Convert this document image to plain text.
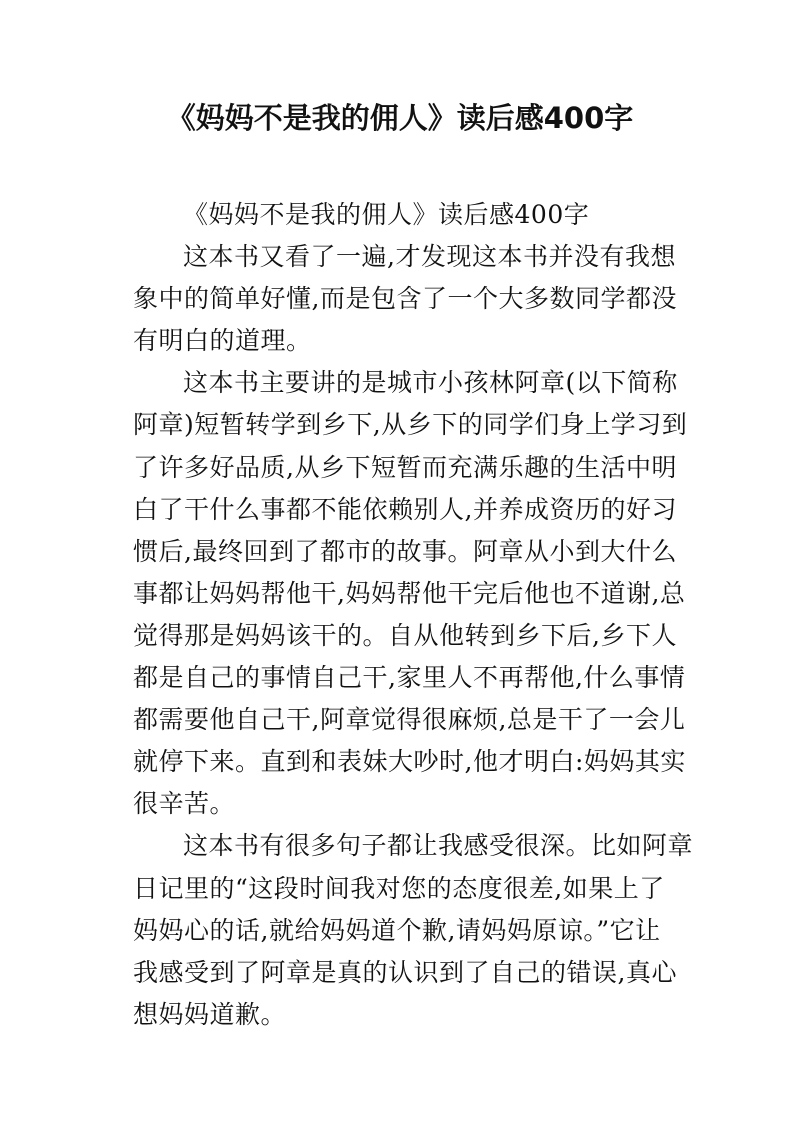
《妈妈不是我的佣人》读后感400字
《妈妈不是我的佣人》读后感400字
这本书又看了一遍,才发现这本书并没有我想
象中的简单好懂,而是包含了一个大多数同学都没
有明白的道理。
这本书主要讲的是城市小孩林阿章(以下简称
阿章)短暂转学到乡下,从乡下的同学们身上学习到
了许多好品质,从乡下短暂而充满乐趣的生活中明
白了干什么事都不能依赖别人,并养成资历的好习
惯后,最终回到了都市的故事。阿章从小到大什么
事都让妈妈帮他干,妈妈帮他干完后他也不道谢,总
觉得那是妈妈该干的。自从他转到乡下后,乡下人
都是自己的事情自己干,家里人不再帮他,什么事情
都需要他自己干,阿章觉得很麻烦,总是干了一会儿
就停下来。直到和表妹大吵时,他才明白:妈妈其实
很辛苦。
这本书有很多句子都让我感受很深。比如阿章
日记里的“这段时间我对您的态度很差,如果上了
妈妈心的话,就给妈妈道个歉,请妈妈原谅。”它让
我感受到了阿章是真的认识到了自己的错误,真心
想妈妈道歉。
